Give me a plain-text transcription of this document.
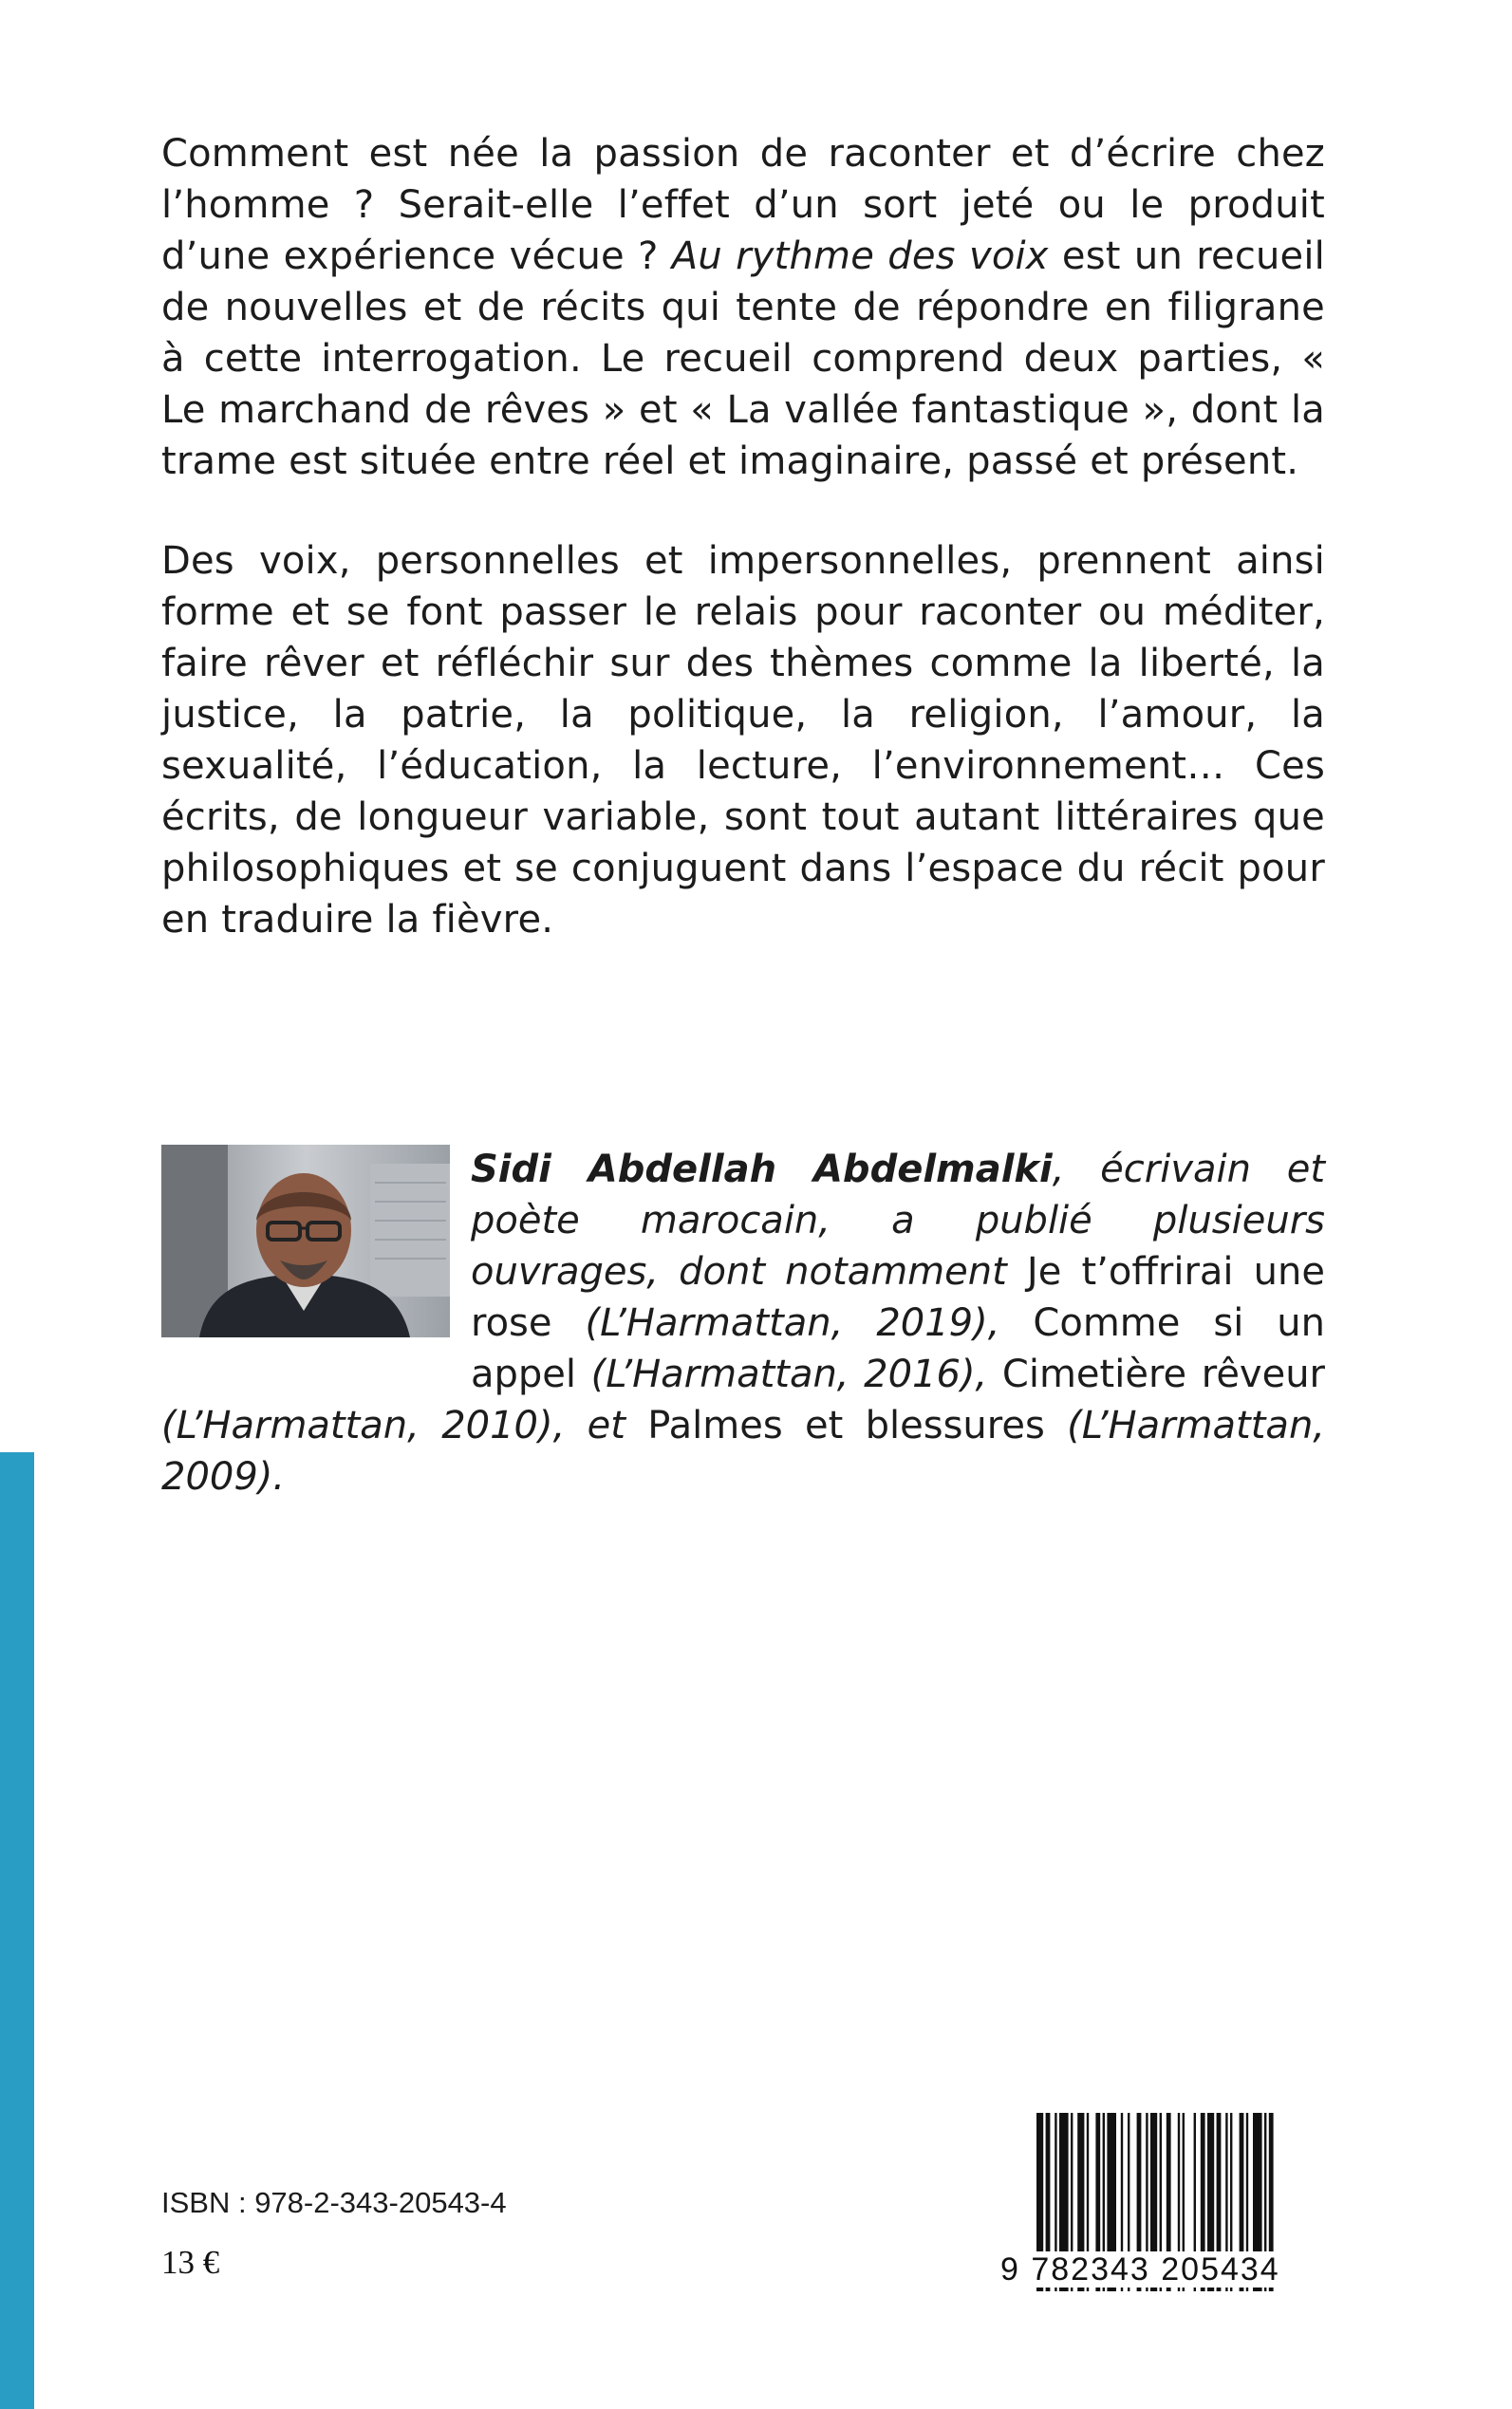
Comment est née la passion de raconter et d’écrire chez l’homme ? Serait-elle l’effet d’un sort jeté ou le produit d’une expérience vécue ? Au rythme des voix est un recueil de nouvelles et de récits qui tente de répondre en filigrane à cette interrogation. Le recueil comprend deux parties, « Le marchand de rêves » et « La vallée fantastique », dont la trame est située entre réel et imaginaire, passé et présent.

Des voix, personnelles et impersonnelles, prennent ainsi forme et se font passer le relais pour raconter ou méditer, faire rêver et réfléchir sur des thèmes comme la liberté, la justice, la patrie, la politique, la religion, l’amour, la sexualité, l’éducation, la lecture, l’environnement… Ces écrits, de longueur variable, sont tout autant littéraires que philosophiques et se conjuguent dans l’espace du récit pour en traduire la fièvre.

Sidi Abdellah Abdelmalki, écrivain et poète marocain, a publié plusieurs ouvrages, dont notamment Je t’offrirai une rose (L’Harmattan, 2019), Comme si un appel (L’Harmattan, 2016), Cimetière rêveur (L’Harmattan, 2010), et Palmes et blessures (L’Harmattan, 2009).

ISBN : 978-2-343-20543-4
13 €	9 782343 205434
